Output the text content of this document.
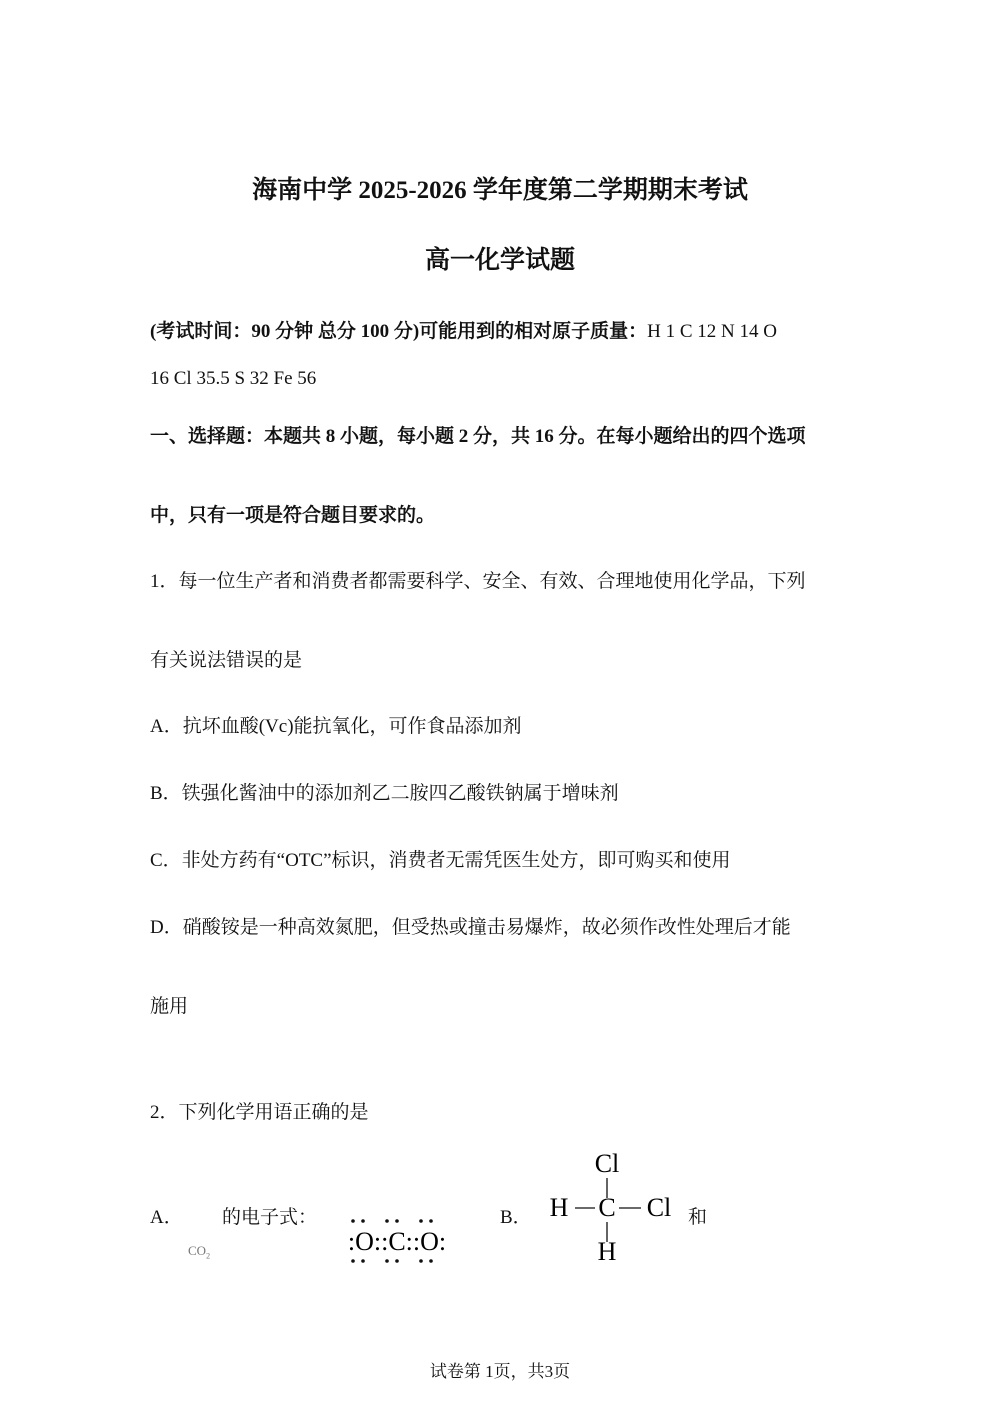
海南中学 2025-2026 学年度第二学期期末考试
高一化学试题
(考试时间：90 分钟 总分 100 分)可能用到的相对原子质量：H 1 C 12 N 14 O
16 Cl 35.5 S 32 Fe 56
一、选择题：本题共 8 小题，每小题 2 分，共 16 分。在每小题给出的四个选项
中，只有一项是符合题目要求的。
1．每一位生产者和消费者都需要科学、安全、有效、合理地使用化学品，下列
有关说法错误的是
A．抗坏血酸(Vc)能抗氧化，可作食品添加剂
B．铁强化酱油中的添加剂乙二胺四乙酸铁钠属于增味剂
C．非处方药有“OTC”标识，消费者无需凭医生处方，即可购买和使用
D．硝酸铵是一种高效氮肥，但受热或撞击易爆炸，故必须作改性处理后才能
施用
2．下列化学用语正确的是
A． 的电子式：
$CO_2$
:O::C::O:
B．
Cl
H C Cl
H
和
试卷第 1页，共3页
